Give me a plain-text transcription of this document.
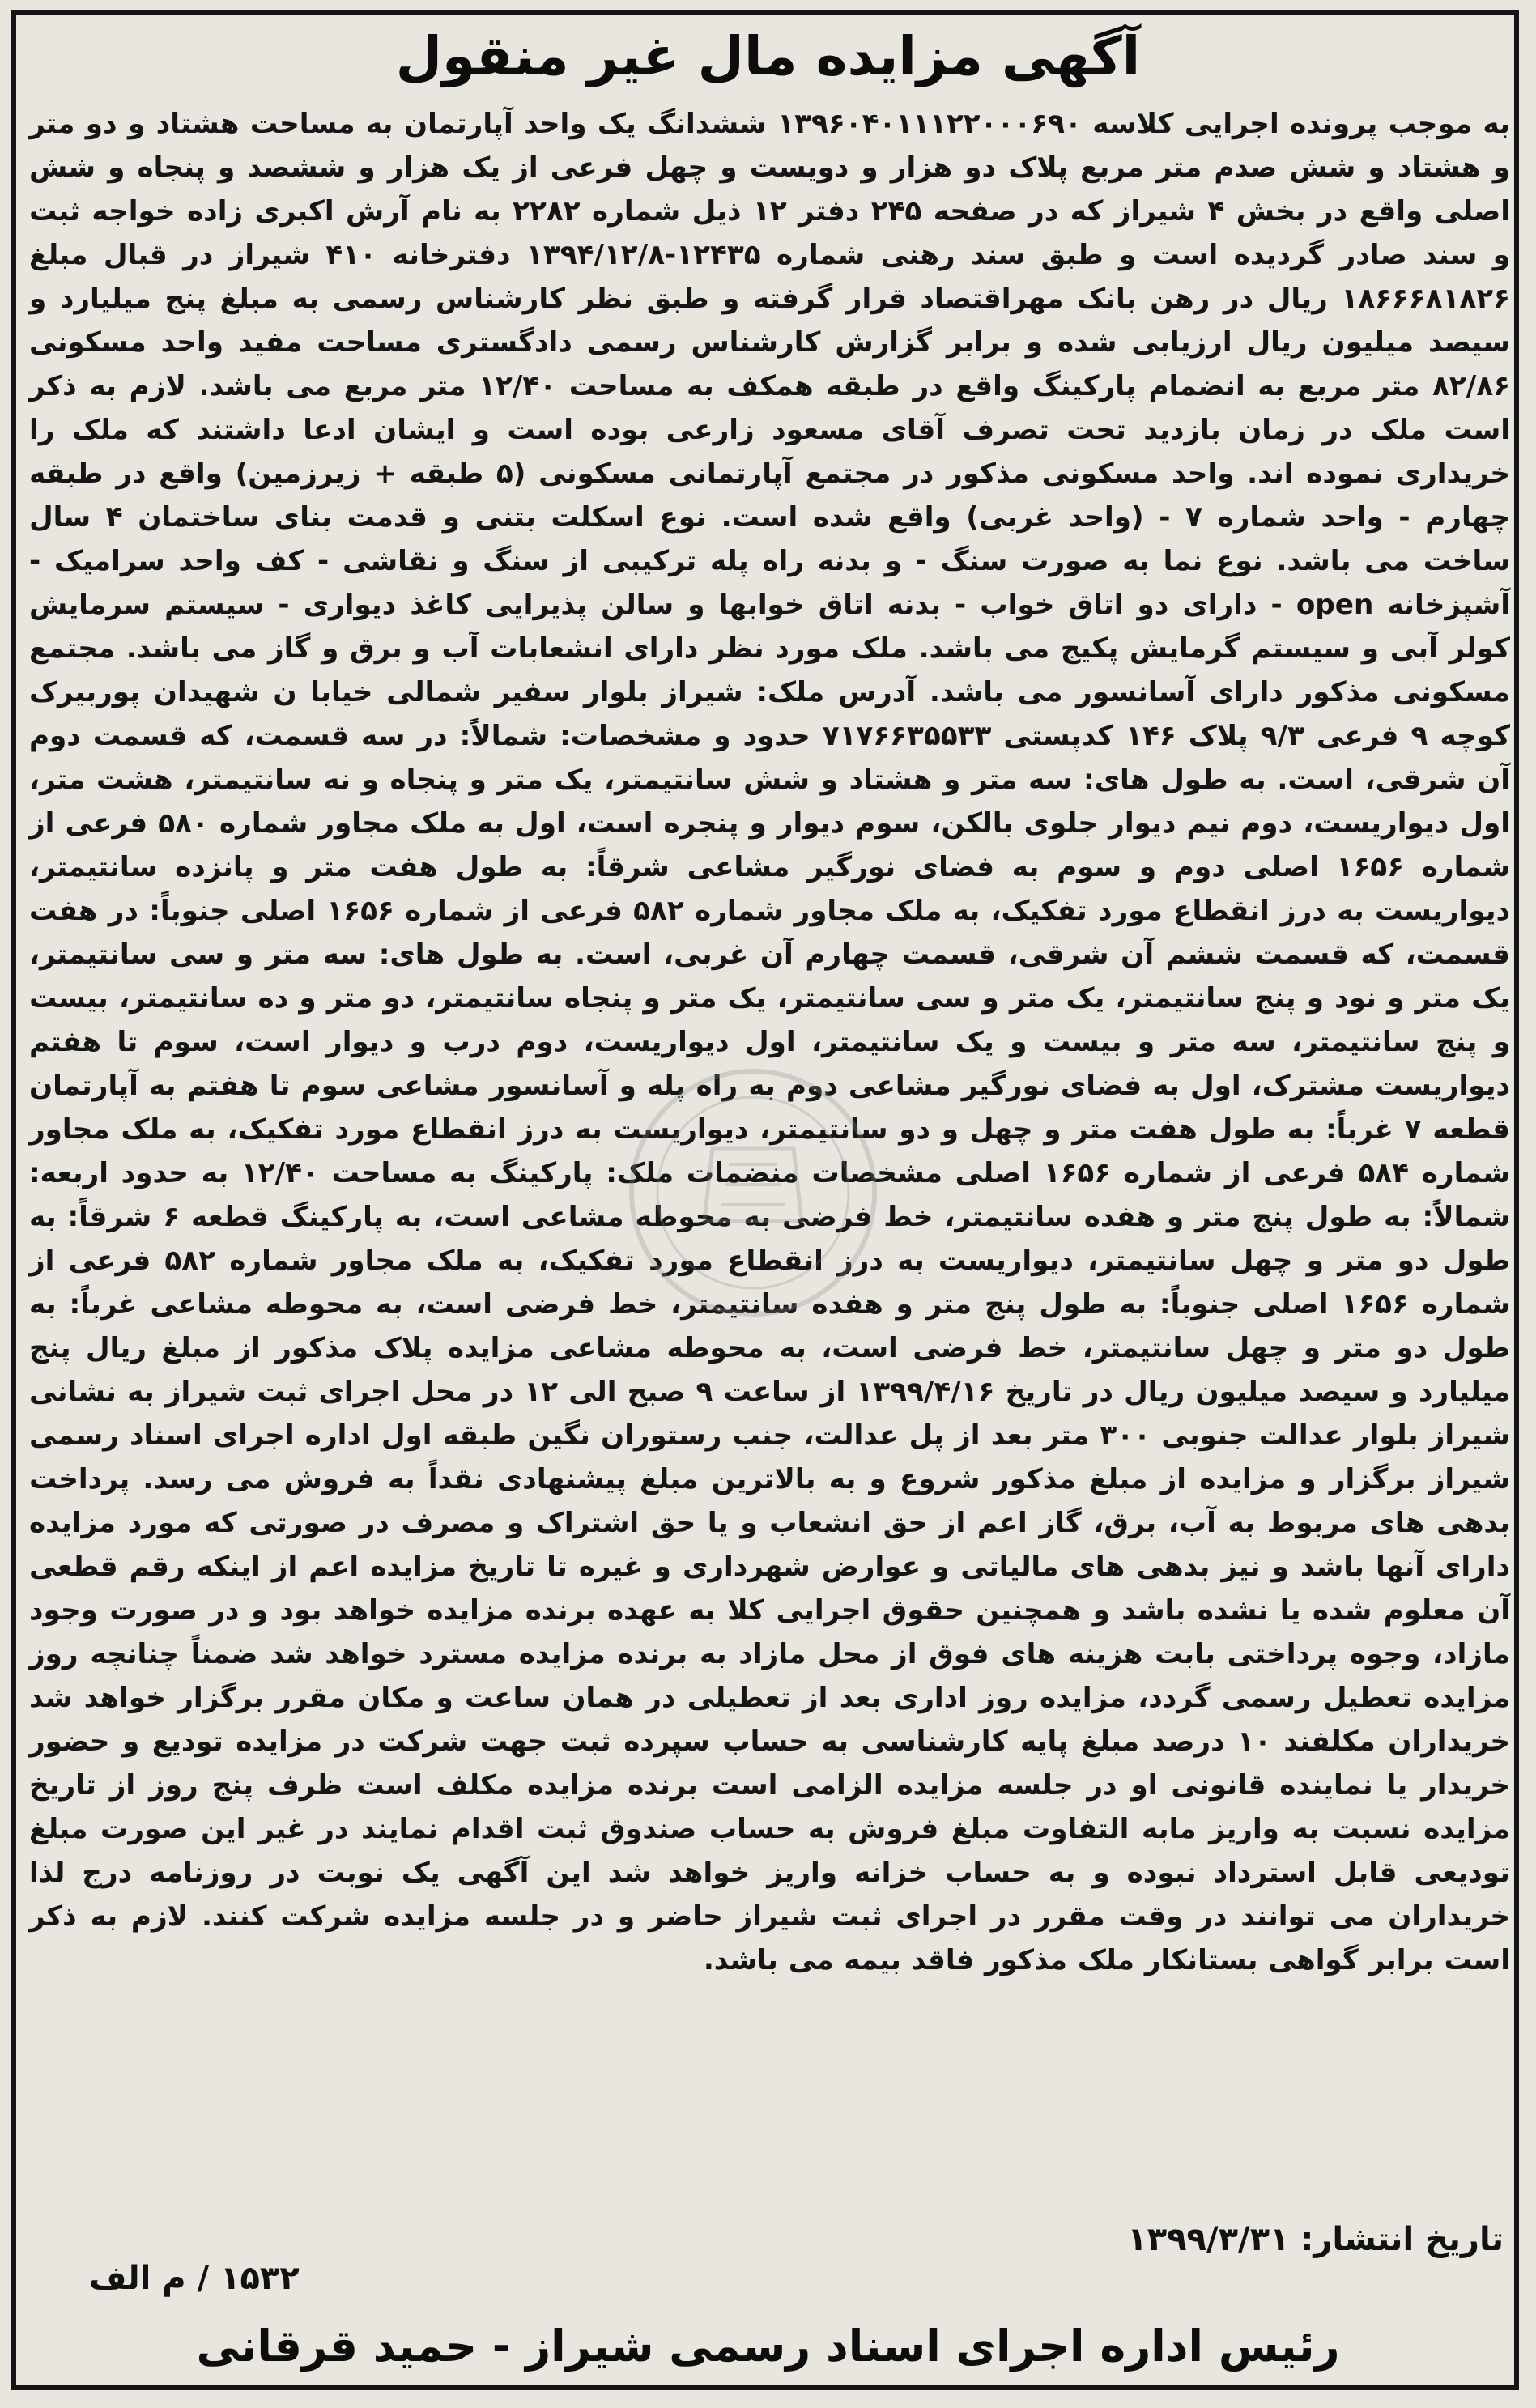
آگهی مزایده مال غیر منقول
به موجب پرونده اجرایی کلاسه ۱۳۹۶۰۴۰۱۱۱۲۲۰۰۰۶۹۰ ششدانگ یک واحد آپارتمان به مساحت هشتاد و دو متر و هشتاد و شش صدم متر مربع پلاک دو هزار و دویست و چهل فرعی از یک هزار و ششصد و پنجاه و شش اصلی واقع در بخش ۴ شیراز که در صفحه ۲۴۵ دفتر ۱۲ ذیل شماره ۲۲۸۲ به نام آرش اکبری زاده خواجه ثبت و سند صادر گردیده است و طبق سند رهنی شماره ۱۲۴۳۵-۱۳۹۴/۱۲/۸ دفترخانه ۴۱۰ شیراز در قبال مبلغ ۱۸۶۶۶۸۱۸۲۶ ریال در رهن بانک مهراقتصاد قرار گرفته و طبق نظر کارشناس رسمی به مبلغ پنج میلیارد و سیصد میلیون ریال ارزیابی شده و برابر گزارش کارشناس رسمی دادگستری مساحت مفید واحد مسکونی ۸۲/۸۶ متر مربع به انضمام پارکینگ واقع در طبقه همکف به مساحت ۱۲/۴۰ متر مربع می باشد. لازم به ذکر است ملک در زمان بازدید تحت تصرف آقای مسعود زارعی بوده است و ایشان ادعا داشتند که ملک را خریداری نموده اند. واحد مسکونی مذکور در مجتمع آپارتمانی مسکونی (۵ طبقه + زیرزمین) واقع در طبقه چهارم - واحد شماره ۷ - (واحد غربی) واقع شده است. نوع اسکلت بتنی و قدمت بنای ساختمان ۴ سال ساخت می باشد. نوع نما به صورت سنگ - و بدنه راه پله ترکیبی از سنگ و نقاشی - کف واحد سرامیک - آشپزخانه open - دارای دو اتاق خواب - بدنه اتاق خوابها و سالن پذیرایی کاغذ دیواری - سیستم سرمایش کولر آبی و سیستم گرمایش پکیج می باشد. ملک مورد نظر دارای انشعابات آب و برق و گاز می باشد. مجتمع مسکونی مذکور دارای آسانسور می باشد. آدرس ملک: شیراز بلوار سفیر شمالی خیابا ن شهیدان پوربیرک کوچه ۹ فرعی ۹/۳ پلاک ۱۴۶ کدپستی ۷۱۷۶۶۳۵۵۳۳ حدود و مشخصات: شمالاً: در سه قسمت، که قسمت دوم آن شرقی، است. به طول های: سه متر و هشتاد و شش سانتیمتر، یک متر و پنجاه و نه سانتیمتر، هشت متر، اول دیواریست، دوم نیم دیوار جلوی بالکن، سوم دیوار و پنجره است، اول به ملک مجاور شماره ۵۸۰ فرعی از شماره ۱۶۵۶ اصلی دوم و سوم به فضای نورگیر مشاعی شرقاً: به طول هفت متر و پانزده سانتیمتر، دیواریست به درز انقطاع مورد تفکیک، به ملک مجاور شماره ۵۸۲ فرعی از شماره ۱۶۵۶ اصلی جنوباً: در هفت قسمت، که قسمت ششم آن شرقی، قسمت چهارم آن غربی، است. به طول های: سه متر و سی سانتیمتر، یک متر و نود و پنج سانتیمتر، یک متر و سی سانتیمتر، یک متر و پنجاه سانتیمتر، دو متر و ده سانتیمتر، بیست و پنج سانتیمتر، سه متر و بیست و یک سانتیمتر، اول دیواریست، دوم درب و دیوار است، سوم تا هفتم دیواریست مشترک، اول به فضای نورگیر مشاعی دوم به راه پله و آسانسور مشاعی سوم تا هفتم به آپارتمان قطعه ۷ غرباً: به طول هفت متر و چهل و دو سانتیمتر، دیواریست به درز انقطاع مورد تفکیک، به ملک مجاور شماره ۵۸۴ فرعی از شماره ۱۶۵۶ اصلی مشخصات منضمات ملک: پارکینگ به مساحت ۱۲/۴۰ به حدود اربعه: شمالاً: به طول پنج متر و هفده سانتیمتر، خط فرضی به محوطه مشاعی است، به پارکینگ قطعه ۶ شرقاً: به طول دو متر و چهل سانتیمتر، دیواریست به درز انقطاع مورد تفکیک، به ملک مجاور شماره ۵۸۲ فرعی از شماره ۱۶۵۶ اصلی جنوباً: به طول پنج متر و هفده سانتیمتر، خط فرضی است، به محوطه مشاعی غرباً: به طول دو متر و چهل سانتیمتر، خط فرضی است، به محوطه مشاعی مزایده پلاک مذکور از مبلغ ریال پنج میلیارد و سیصد میلیون ریال در تاریخ ۱۳۹۹/۴/۱۶ از ساعت ۹ صبح الی ۱۲ در محل اجرای ثبت شیراز به نشانی شیراز بلوار عدالت جنوبی ۳۰۰ متر بعد از پل عدالت، جنب رستوران نگین طبقه اول اداره اجرای اسناد رسمی شیراز برگزار و مزایده از مبلغ مذکور شروع و به بالاترین مبلغ پیشنهادی نقداً به فروش می رسد. پرداخت بدهی های مربوط به آب، برق، گاز اعم از حق انشعاب و یا حق اشتراک و مصرف در صورتی که مورد مزایده دارای آنها باشد و نیز بدهی های مالیاتی و عوارض شهرداری و غیره تا تاریخ مزایده اعم از اینکه رقم قطعی آن معلوم شده یا نشده باشد و همچنین حقوق اجرایی کلا به عهده برنده مزایده خواهد بود و در صورت وجود مازاد، وجوه پرداختی بابت هزینه های فوق از محل مازاد به برنده مزایده مسترد خواهد شد ضمناً چنانچه روز مزایده تعطیل رسمی گردد، مزایده روز اداری بعد از تعطیلی در همان ساعت و مکان مقرر برگزار خواهد شد خریداران مکلفند ۱۰ درصد مبلغ پایه کارشناسی به حساب سپرده ثبت جهت شرکت در مزایده تودیع و حضور خریدار یا نماینده قانونی او در جلسه مزایده الزامی است برنده مزایده مکلف است ظرف پنج روز از تاریخ مزایده نسبت به واریز مابه التفاوت مبلغ فروش به حساب صندوق ثبت اقدام نمایند در غیر این صورت مبلغ تودیعی قابل استرداد نبوده و به حساب خزانه واریز خواهد شد این آگهی یک نوبت در روزنامه درج لذا خریداران می توانند در وقت مقرر در اجرای ثبت شیراز حاضر و در جلسه مزایده شرکت کنند. لازم به ذکر است برابر گواهی بستانکار ملک مذکور فاقد بیمه می باشد.
تاریخ انتشار: ۱۳۹۹/۳/۳۱
۱۵۳۲ / م الف
رئیس اداره اجرای اسناد رسمی شیراز - حمید قرقانی
